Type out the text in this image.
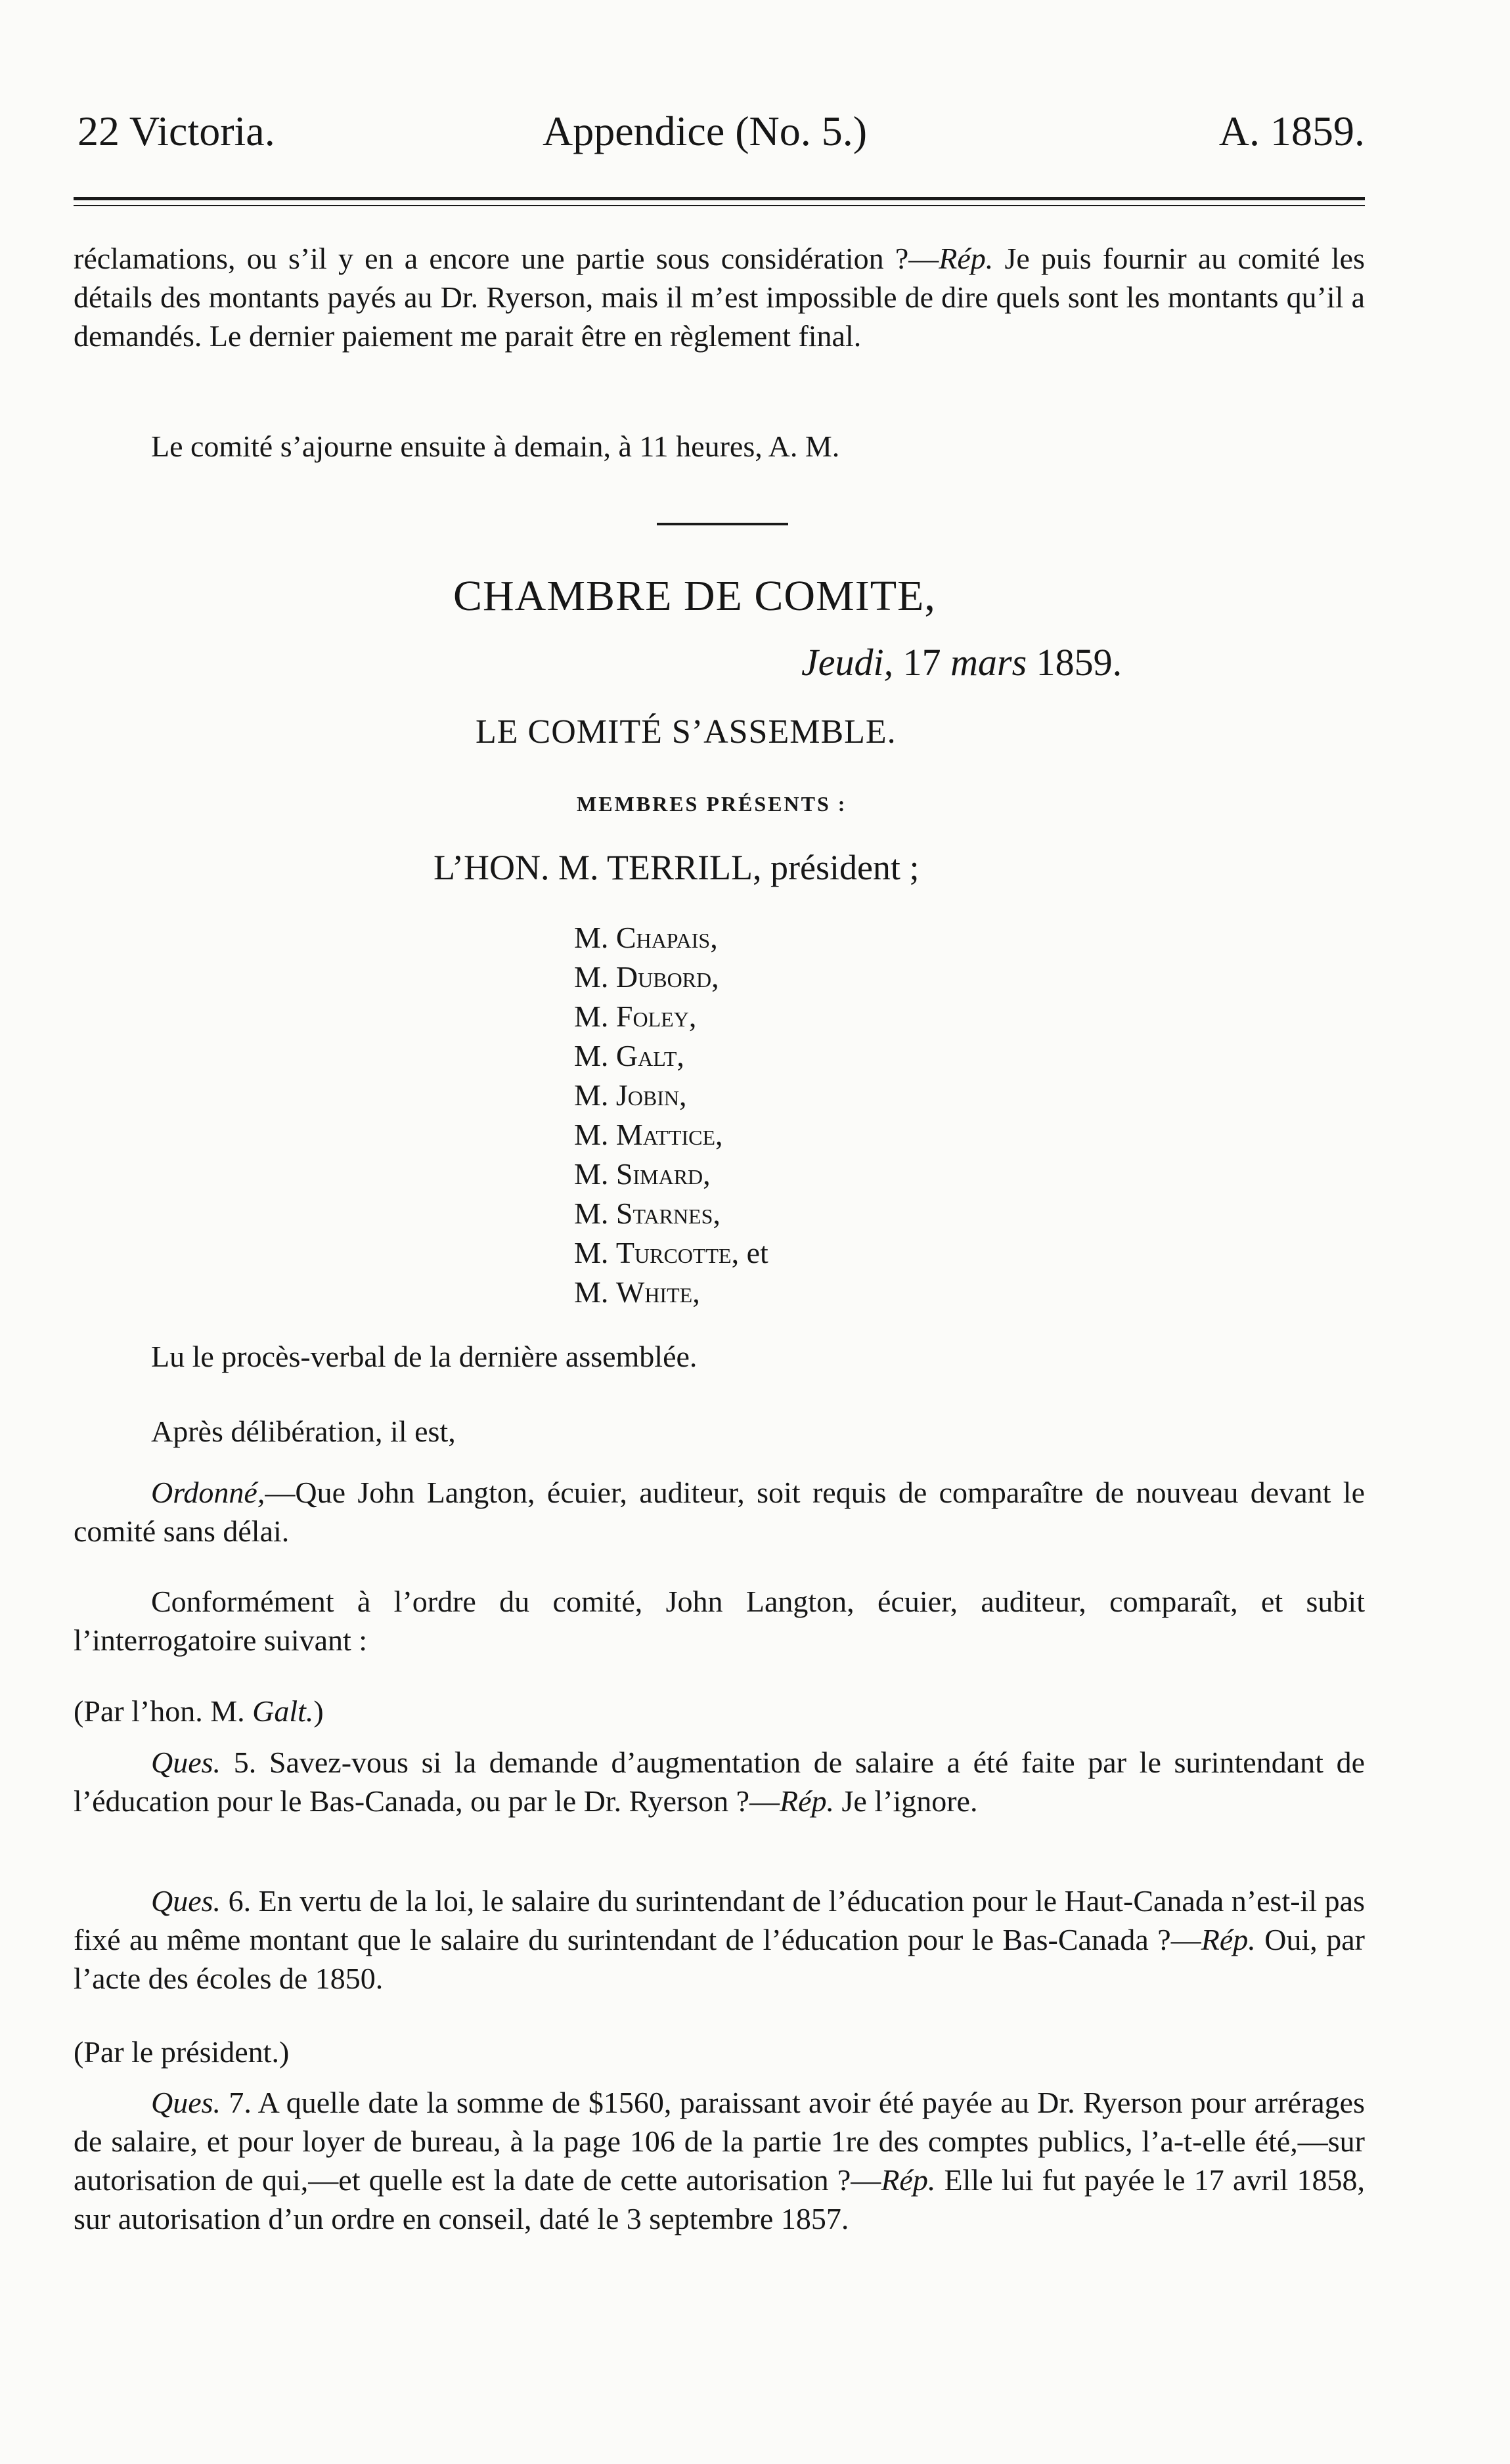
22 Victoria.	Appendice (No. 5.)	A. 1859.

réclamations, ou s’il y en a encore une partie sous considération ?—Rép. Je puis fournir au comité les détails des montants payés au Dr. Ryerson, mais il m’est impossible de dire quels sont les montants qu’il a demandés. Le dernier paiement me parait être en règlement final.

Le comité s’ajourne ensuite à demain, à 11 heures, A. M.

CHAMBRE DE COMITE,
Jeudi, 17 mars 1859.
LE COMITÉ S’ASSEMBLE.
MEMBRES PRÉSENTS :
L’HON. M. TERRILL, président ;
M. Chapais,
M. Dubord,
M. Foley,
M. Galt,
M. Jobin,
M. Mattice,
M. Simard,
M. Starnes,
M. Turcotte, et
M. White,

Lu le procès-verbal de la dernière assemblée.

Après délibération, il est,

Ordonné,—Que John Langton, écuier, auditeur, soit requis de comparaître de nouveau devant le comité sans délai.

Conformément à l’ordre du comité, John Langton, écuier, auditeur, comparaît, et subit l’interrogatoire suivant :

(Par l’hon. M. Galt.)

Ques. 5. Savez-vous si la demande d’augmentation de salaire a été faite par le surintendant de l’éducation pour le Bas-Canada, ou par le Dr. Ryerson ?—Rép. Je l’ignore.

Ques. 6. En vertu de la loi, le salaire du surintendant de l’éducation pour le Haut-Canada n’est-il pas fixé au même montant que le salaire du surintendant de l’éducation pour le Bas-Canada ?—Rép. Oui, par l’acte des écoles de 1850.

(Par le président.)

Ques. 7. A quelle date la somme de $1560, paraissant avoir été payée au Dr. Ryerson pour arrérages de salaire, et pour loyer de bureau, à la page 106 de la partie 1re des comptes publics, l’a-t-elle été,—sur autorisation de qui,—et quelle est la date de cette autorisation ?—Rép. Elle lui fut payée le 17 avril 1858, sur autorisation d’un ordre en conseil, daté le 3 septembre 1857.
